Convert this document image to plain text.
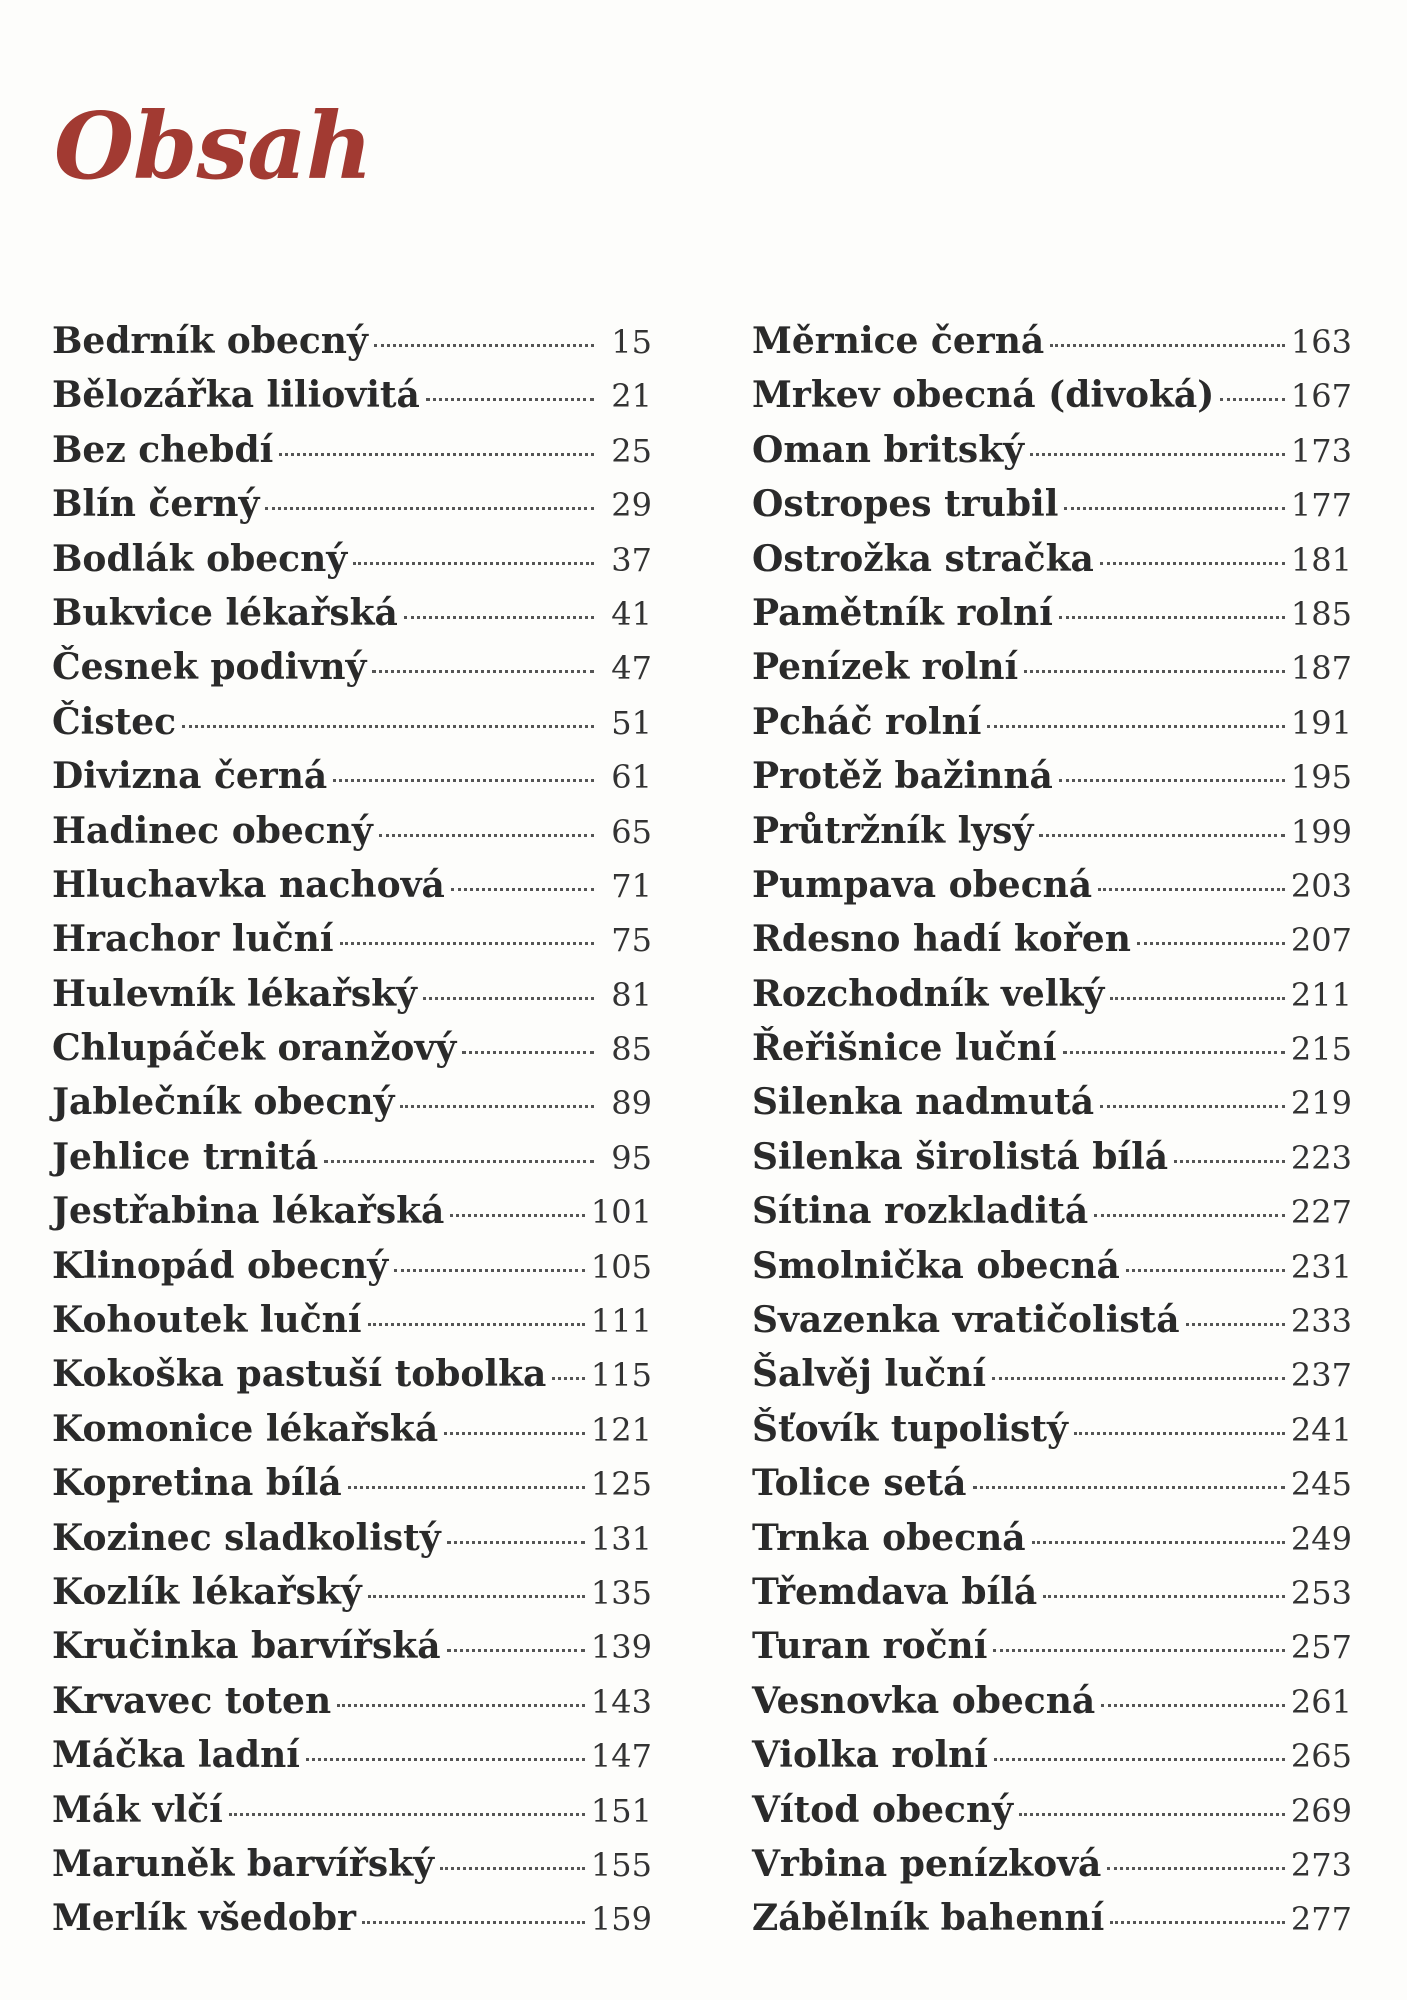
Obsah
Bedrník obecný	15
Bělozářka liliovitá	21
Bez chebdí	25
Blín černý	29
Bodlák obecný	37
Bukvice lékařská	41
Česnek podivný	47
Čistec	51
Divizna černá	61
Hadinec obecný	65
Hluchavka nachová	71
Hrachor luční	75
Hulevník lékařský	81
Chlupáček oranžový	85
Jablečník obecný	89
Jehlice trnitá	95
Jestřabina lékařská	101
Klinopád obecný	105
Kohoutek luční	111
Kokoška pastuší tobolka 115
Komonice lékařská	121
Kopretina bílá	125
Kozinec sladkolistý	131
Kozlík lékařský	135
Kručinka barvířská	139
Krvavec toten	143
Máčka ladní	147
Mák vlčí	151
Maruněk barvířský	155
Merlík všedobr	159
Měrnice černá	163
Mrkev obecná (divoká) 167
Oman britský	173
Ostropes trubil	177
Ostrožka stračka	181
Pamětník rolní	185
Penízek rolní	187
Pcháč rolní	191
Protěž bažinná	195
Průtržník lysý	199
Pumpava obecná	203
Rdesno hadí kořen	207
Rozchodník velký	211
Řeřišnice luční	215
Silenka nadmutá	219
Silenka širolistá bílá	223
Sítina rozkladitá	227
Smolnička obecná	231
Svazenka vratičolistá	233
Šalvěj luční	237
Šťovík tupolistý	241
Tolice setá	245
Trnka obecná	249
Třemdava bílá	253
Turan roční	257
Vesnovka obecná	261
Violka rolní	265
Vítod obecný	269
Vrbina penízková	273
Zábělník bahenní	277
